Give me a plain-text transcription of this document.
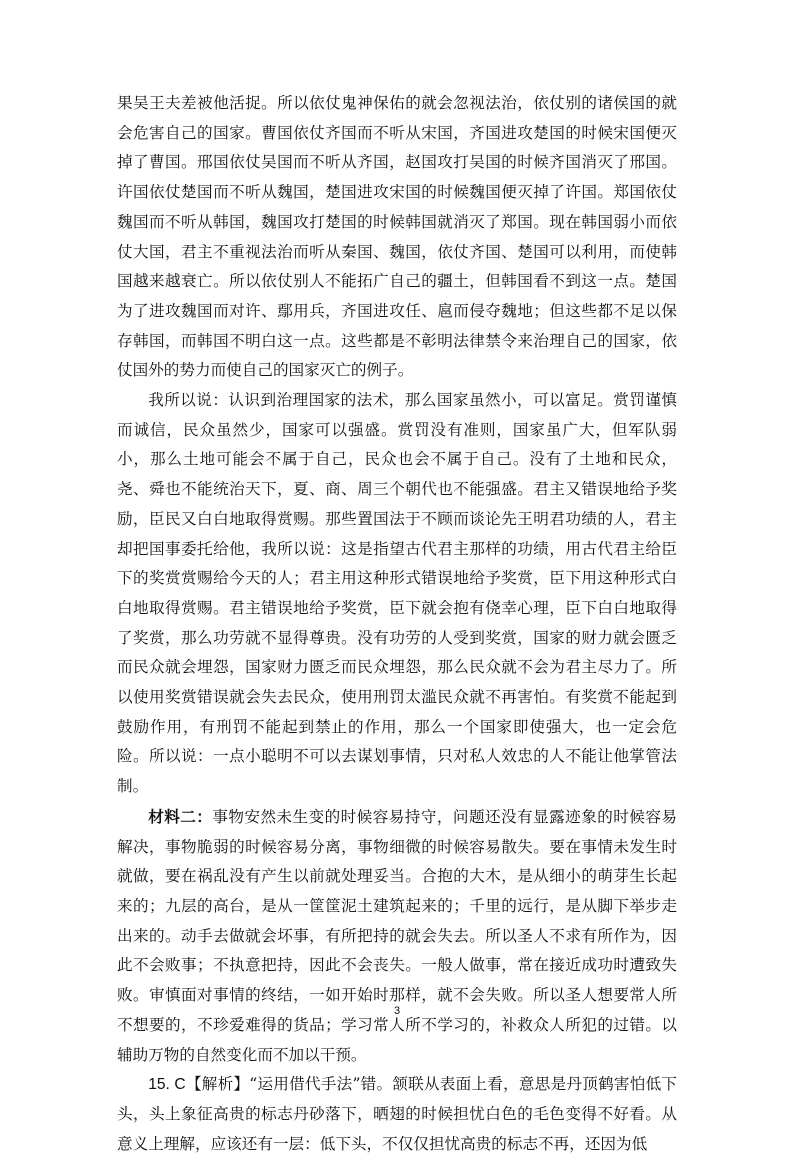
果吴王夫差被他活捉。所以依仗鬼神保佑的就会忽视法治，依仗别的诸侯国的就会危害自己的国家。曹国依仗齐国而不听从宋国，齐国进攻楚国的时候宋国便灭掉了曹国。邢国依仗吴国而不听从齐国，赵国攻打吴国的时候齐国消灭了邢国。许国依仗楚国而不听从魏国，楚国进攻宋国的时候魏国便灭掉了许国。郑国依仗魏国而不听从韩国，魏国攻打楚国的时候韩国就消灭了郑国。现在韩国弱小而依仗大国，君主不重视法治而听从秦国、魏国，依仗齐国、楚国可以利用，而使韩国越来越衰亡。所以依仗别人不能拓广自己的疆土，但韩国看不到这一点。楚国为了进攻魏国而对许、鄢用兵，齐国进攻任、扈而侵夺魏地；但这些都不足以保存韩国，而韩国不明白这一点。这些都是不彰明法律禁令来治理自己的国家，依仗国外的势力而使自己的国家灭亡的例子。

我所以说：认识到治理国家的法术，那么国家虽然小，可以富足。赏罚谨慎而诚信，民众虽然少，国家可以强盛。赏罚没有准则，国家虽广大，但军队弱小，那么土地可能会不属于自己，民众也会不属于自己。没有了土地和民众，尧、舜也不能统治天下，夏、商、周三个朝代也不能强盛。君主又错误地给予奖励，臣民又白白地取得赏赐。那些置国法于不顾而谈论先王明君功绩的人，君主却把国事委托给他，我所以说：这是指望古代君主那样的功绩，用古代君主给臣下的奖赏赏赐给今天的人；君主用这种形式错误地给予奖赏，臣下用这种形式白白地取得赏赐。君主错误地给予奖赏，臣下就会抱有侥幸心理，臣下白白地取得了奖赏，那么功劳就不显得尊贵。没有功劳的人受到奖赏，国家的财力就会匮乏而民众就会埋怨，国家财力匮乏而民众埋怨，那么民众就不会为君主尽力了。所以使用奖赏错误就会失去民众，使用刑罚太滥民众就不再害怕。有奖赏不能起到鼓励作用，有刑罚不能起到禁止的作用，那么一个国家即使强大，也一定会危险。所以说：一点小聪明不可以去谋划事情，只对私人效忠的人不能让他掌管法制。

材料二：事物安然未生变的时候容易持守，问题还没有显露迹象的时候容易解决，事物脆弱的时候容易分离，事物细微的时候容易散失。要在事情未发生时就做，要在祸乱没有产生以前就处理妥当。合抱的大木，是从细小的萌芽生长起来的；九层的高台，是从一筐筐泥土建筑起来的；千里的远行，是从脚下举步走出来的。动手去做就会坏事，有所把持的就会失去。所以圣人不求有所作为，因此不会败事；不执意把持，因此不会丧失。一般人做事，常在接近成功时遭致失败。审慎面对事情的终结，一如开始时那样，就不会失败。所以圣人想要常人所不想要的，不珍爱难得的货品；学习常人所不学习的，补救众人所犯的过错。以辅助万物的自然变化而不加以干预。

15. C【解析】“运用借代手法”错。颔联从表面上看，意思是丹顶鹤害怕低下头，头上象征高贵的标志丹砂落下，晒翅的时候担忧白色的毛色变得不好看。从意义上理解，应该还有一层：低下头，不仅仅担忧高贵的标志不再，还因为低

3
